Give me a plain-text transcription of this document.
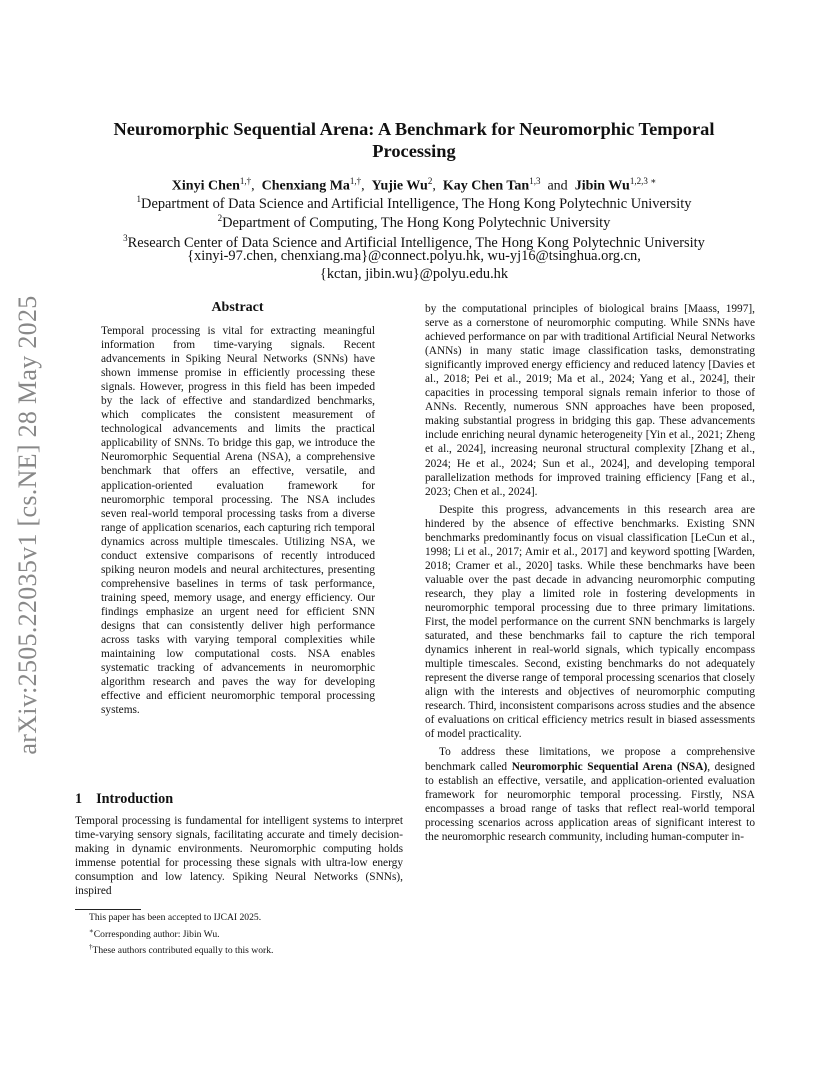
arXiv:2505.22035v1 [cs.NE] 28 May 2025
Neuromorphic Sequential Arena: A Benchmark for Neuromorphic Temporal Processing
Xinyi Chen$^{1,\dagger}$,  Chenxiang $Ma^{1,\dagger}$,  Yujie Wu$^2$,  Kay Chen Tan$^{1,3}$ and Jibin $Wu^{1,2,3 ∗}$
$^1$Department of Data Science and Artificial Intelligence, The Hong Kong Polytechnic University
$^2$Department of Computing, The Hong Kong Polytechnic University
$^3$Research Center of Data Science and Artificial Intelligence, The Hong Kong Polytechnic University
{xinyi-97.chen, chenxiang.ma}@connect.polyu.hk, wu-yj16@tsinghua.org.cn,
{kctan, jibin.wu}@polyu.edu.hk
Abstract

Temporal processing is vital for extracting meaningful information from time-varying signals. Recent advancements in Spiking Neural Networks (SNNs) have shown immense promise in efficiently processing these signals. However, progress in this field has been impeded by the lack of effective and standardized benchmarks, which complicates the consistent measurement of technological advancements and limits the practical applicability of SNNs. To bridge this gap, we introduce the Neuromorphic Sequential Arena (NSA), a comprehensive benchmark that offers an effective, versatile, and application-oriented evaluation framework for neuromorphic temporal processing. The NSA includes seven real-world temporal processing tasks from a diverse range of application scenarios, each capturing rich temporal dynamics across multiple timescales. Utilizing NSA, we conduct extensive comparisons of recently introduced spiking neuron models and neural architectures, presenting comprehensive baselines in terms of task performance, training speed, memory usage, and energy efficiency. Our findings emphasize an urgent need for efficient SNN designs that can consistently deliver high performance across tasks with varying temporal complexities while maintaining low computational costs. NSA enables systematic tracking of advancements in neuromorphic algorithm research and paves the way for developing effective and efficient neuromorphic temporal processing systems.

1 Introduction

Temporal processing is fundamental for intelligent systems to interpret time-varying sensory signals, facilitating accurate and timely decision-making in dynamic environments. Neuromorphic computing holds immense potential for processing these signals with ultra-low energy consumption and low latency. Spiking Neural Networks (SNNs), inspired

This paper has been accepted to IJCAI 2025.
∗Corresponding author: Jibin Wu.
†These authors contributed equally to this work.

by the computational principles of biological brains [Maass, 1997], serve as a cornerstone of neuromorphic computing. While SNNs have achieved performance on par with traditional Artificial Neural Networks (ANNs) in many static image classification tasks, demonstrating significantly improved energy efficiency and reduced latency [Davies et al., 2018; Pei et al., 2019; Ma et al., 2024; Yang et al., 2024], their capacities in processing temporal signals remain inferior to those of ANNs. Recently, numerous SNN approaches have been proposed, making substantial progress in bridging this gap. These advancements include enriching neural dynamic heterogeneity [Yin et al., 2021; Zheng et al., 2024], increasing neuronal structural complexity [Zhang et al., 2024; He et al., 2024; Sun et al., 2024], and developing temporal parallelization methods for improved training efficiency [Fang et al., 2023; Chen et al., 2024].

Despite this progress, advancements in this research area are hindered by the absence of effective benchmarks. Existing SNN benchmarks predominantly focus on visual classification [LeCun et al., 1998; Li et al., 2017; Amir et al., 2017] and keyword spotting [Warden, 2018; Cramer et al., 2020] tasks. While these benchmarks have been valuable over the past decade in advancing neuromorphic computing research, they play a limited role in fostering developments in neuromorphic temporal processing due to three primary limitations. First, the model performance on the current SNN benchmarks is largely saturated, and these benchmarks fail to capture the rich temporal dynamics inherent in real-world signals, which typically encompass multiple timescales. Second, existing benchmarks do not adequately represent the diverse range of temporal processing scenarios that closely align with the interests and objectives of neuromorphic computing research. Third, inconsistent comparisons across studies and the absence of evaluations on critical efficiency metrics result in biased assessments of model practicality.

To address these limitations, we propose a comprehensive benchmark called Neuromorphic Sequential Arena (NSA), designed to establish an effective, versatile, and application-oriented evaluation framework for neuromorphic temporal processing. Firstly, NSA encompasses a broad range of tasks that reflect real-world temporal processing scenarios across application areas of significant interest to the neuromorphic research community, including human-computer in-
